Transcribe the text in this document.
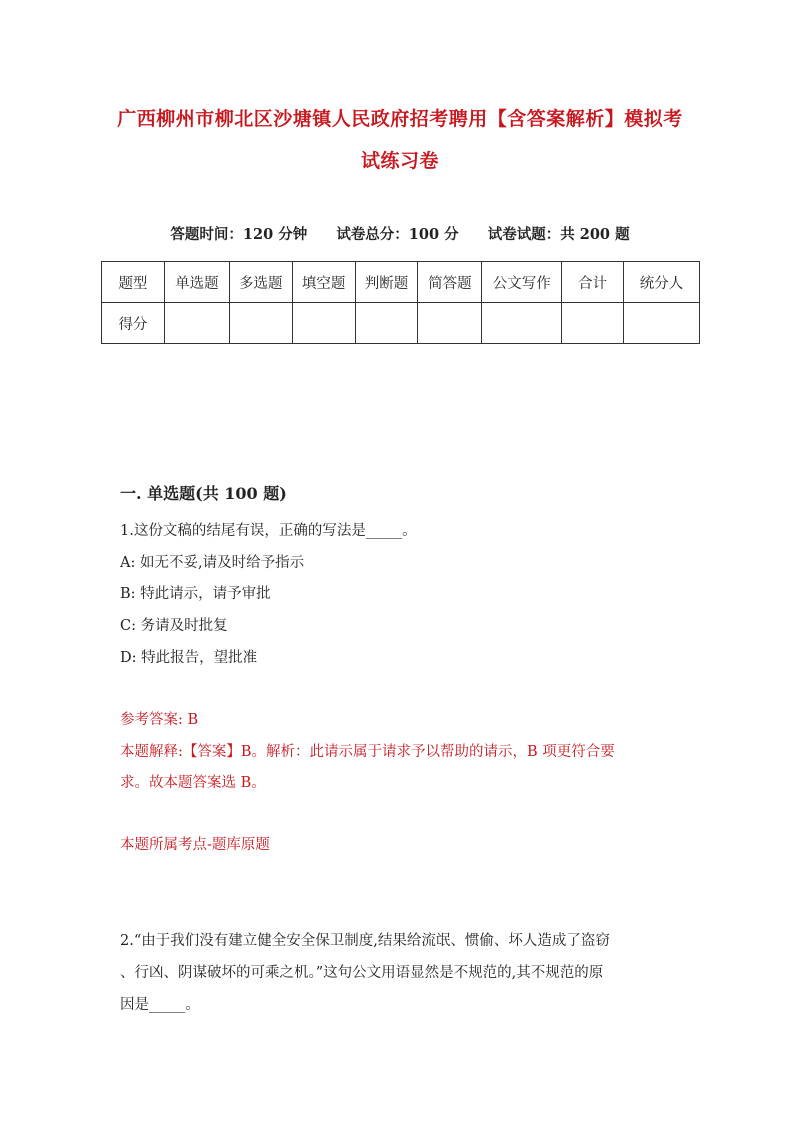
广西柳州市柳北区沙塘镇人民政府招考聘用【含答案解析】模拟考
试练习卷
答题时间：120 分钟 试卷总分：100 分 试卷试题：共 200 题
题型	单选题	多选题	填空题	判断题	简答题	公文写作	合计	统分人
得分								
一. 单选题(共 100 题)
1.这份文稿的结尾有误，正确的写法是_____。
A: 如无不妥,请及时给予指示
B: 特此请示，请予审批
C: 务请及时批复
D: 特此报告，望批准
参考答案: B
本题解释:【答案】B。解析：此请示属于请求予以帮助的请示，B 项更符合要
求。故本题答案选 B。
本题所属考点-题库原题
2.“由于我们没有建立健全安全保卫制度,结果给流氓、惯偷、坏人造成了盗窃
、行凶、阴谋破坏的可乘之机。”这句公文用语显然是不规范的,其不规范的原
因是_____。
